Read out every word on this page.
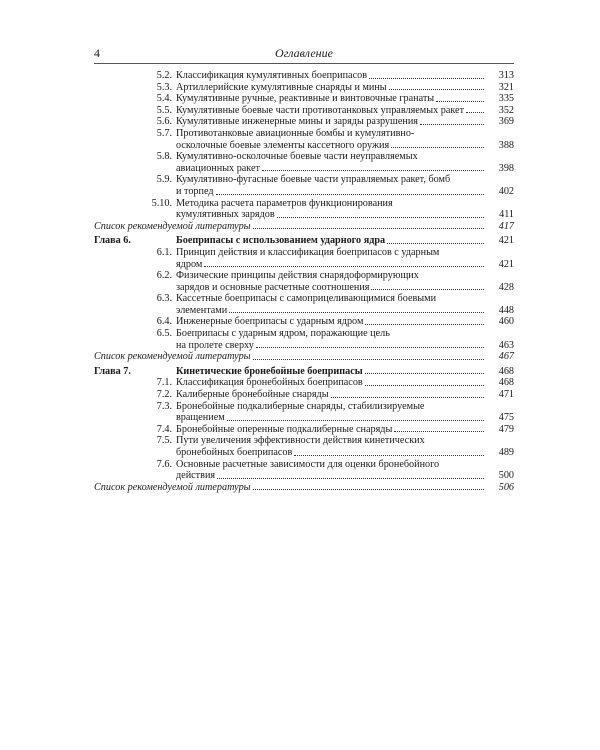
4	Оглавление
5.2. Классификация кумулятивных боеприпасов	313
5.3. Артиллерийские кумулятивные снаряды и мины	321
5.4. Кумулятивные ручные, реактивные и винтовочные гранаты	335
5.5. Кумулятивные боевые части противотанковых управляемых ракет	352
5.6. Кумулятивные инженерные мины и заряды разрушения	369
5.7. Противотанковые авиационные бомбы и кумулятивно-
осколочные боевые элементы кассетного оружия	388
5.8. Кумулятивно-осколочные боевые части неуправляемых
авиационных ракет	398
5.9. Кумулятивно-фугасные боевые части управляемых ракет, бомб
и торпед	402
5.10. Методика расчета параметров функционирования
кумулятивных зарядов	411
Список рекомендуемой литературы	417
Глава 6.	Боеприпасы с использованием ударного ядра	421
6.1. Принцип действия и классификация боеприпасов с ударным
ядром	421
6.2. Физические принципы действия снарядоформирующих
зарядов и основные расчетные соотношения	428
6.3. Кассетные боеприпасы с самоприцеливающимися боевыми
элементами	448
6.4. Инженерные боеприпасы с ударным ядром	460
6.5. Боеприпасы с ударным ядром, поражающие цель
на пролете сверху	463
Список рекомендуемой литературы	467
Глава 7.	Кинетические бронебойные боеприпасы	468
7.1. Классификация бронебойных боеприпасов	468
7.2. Калиберные бронебойные снаряды	471
7.3. Бронебойные подкалиберные снаряды, стабилизируемые
вращением	475
7.4. Бронебойные оперенные подкалиберные снаряды	479
7.5. Пути увеличения эффективности действия кинетических
бронебойных боеприпасов	489
7.6. Основные расчетные зависимости для оценки бронебойного
действия	500
Список рекомендуемой литературы	506
